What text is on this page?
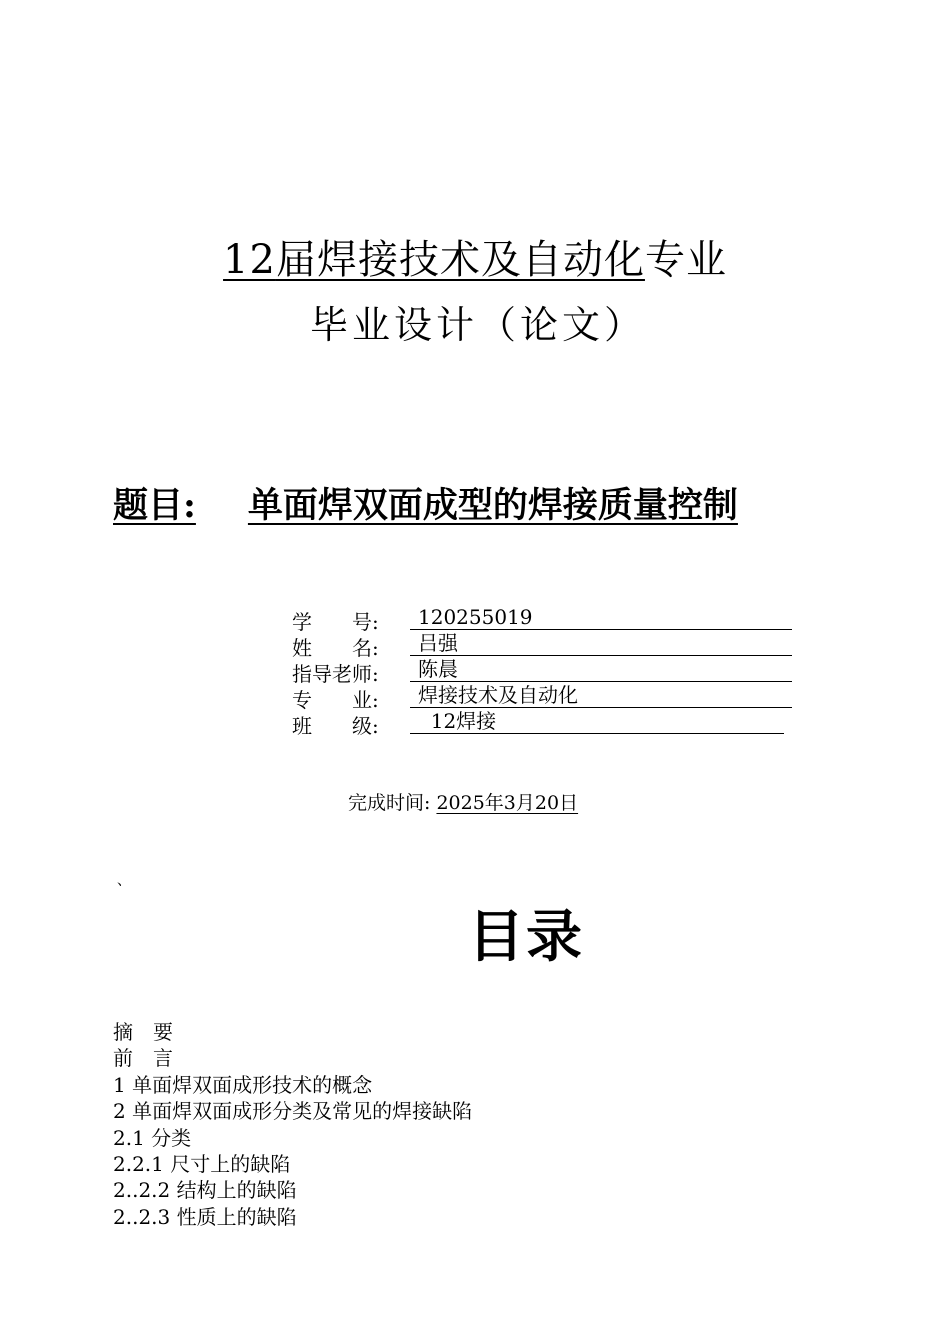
12届焊接技术及自动化专业
毕业设计（论文）
题目: 单面焊双面成型的焊接质量控制
学　　号:	120255019
姓　　名:	吕强
指导老师:	陈晨
专　　业:	焊接技术及自动化
班　　级:	12焊接
完成时间: 2025年3月20日
、
目录
摘　要
前　言
1 单面焊双面成形技术的概念
2 单面焊双面成形分类及常见的焊接缺陷
2.1 分类
2.2.1 尺寸上的缺陷
2..2.2 结构上的缺陷
2..2.3 性质上的缺陷
